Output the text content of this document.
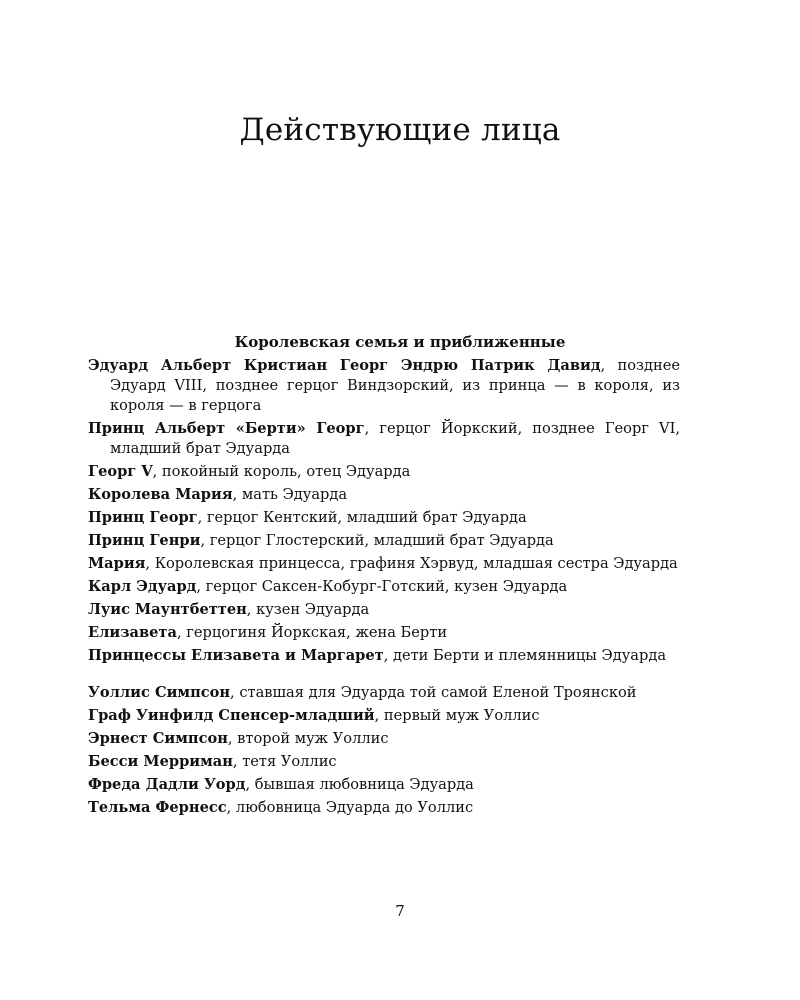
Действующие лица
Королевская семья и приближенные

Эдуард Альберт Кристиан Георг Эндрю Патрик Давид, позднее Эдуард VIII, позднее герцог Виндзорский, из принца — в короля, из короля — в герцога

Принц Альберт «Берти» Георг, герцог Йоркский, позднее Георг VI, младший брат Эдуарда

Георг V, покойный король, отец Эдуарда

Королева Мария, мать Эдуарда

Принц Георг, герцог Кентский, младший брат Эдуарда

Принц Генри, герцог Глостерский, младший брат Эдуарда

Мария, Королевская принцесса, графиня Хэрвуд, младшая сестра Эдуарда

Карл Эдуард, герцог Саксен-Кобург-Готский, кузен Эдуарда

Луис Маунтбеттен, кузен Эдуарда

Елизавета, герцогиня Йоркская, жена Берти

Принцессы Елизавета и Маргарет, дети Берти и племянницы Эдуарда

Уоллис Симпсон, ставшая для Эдуарда той самой Еленой Троянской

Граф Уинфилд Спенсер-младший, первый муж Уоллис

Эрнест Симпсон, второй муж Уоллис

Бесси Мерриман, тетя Уоллис

Фреда Дадли Уорд, бывшая любовница Эдуарда

Тельма Фернесс, любовница Эдуарда до Уоллис

7
